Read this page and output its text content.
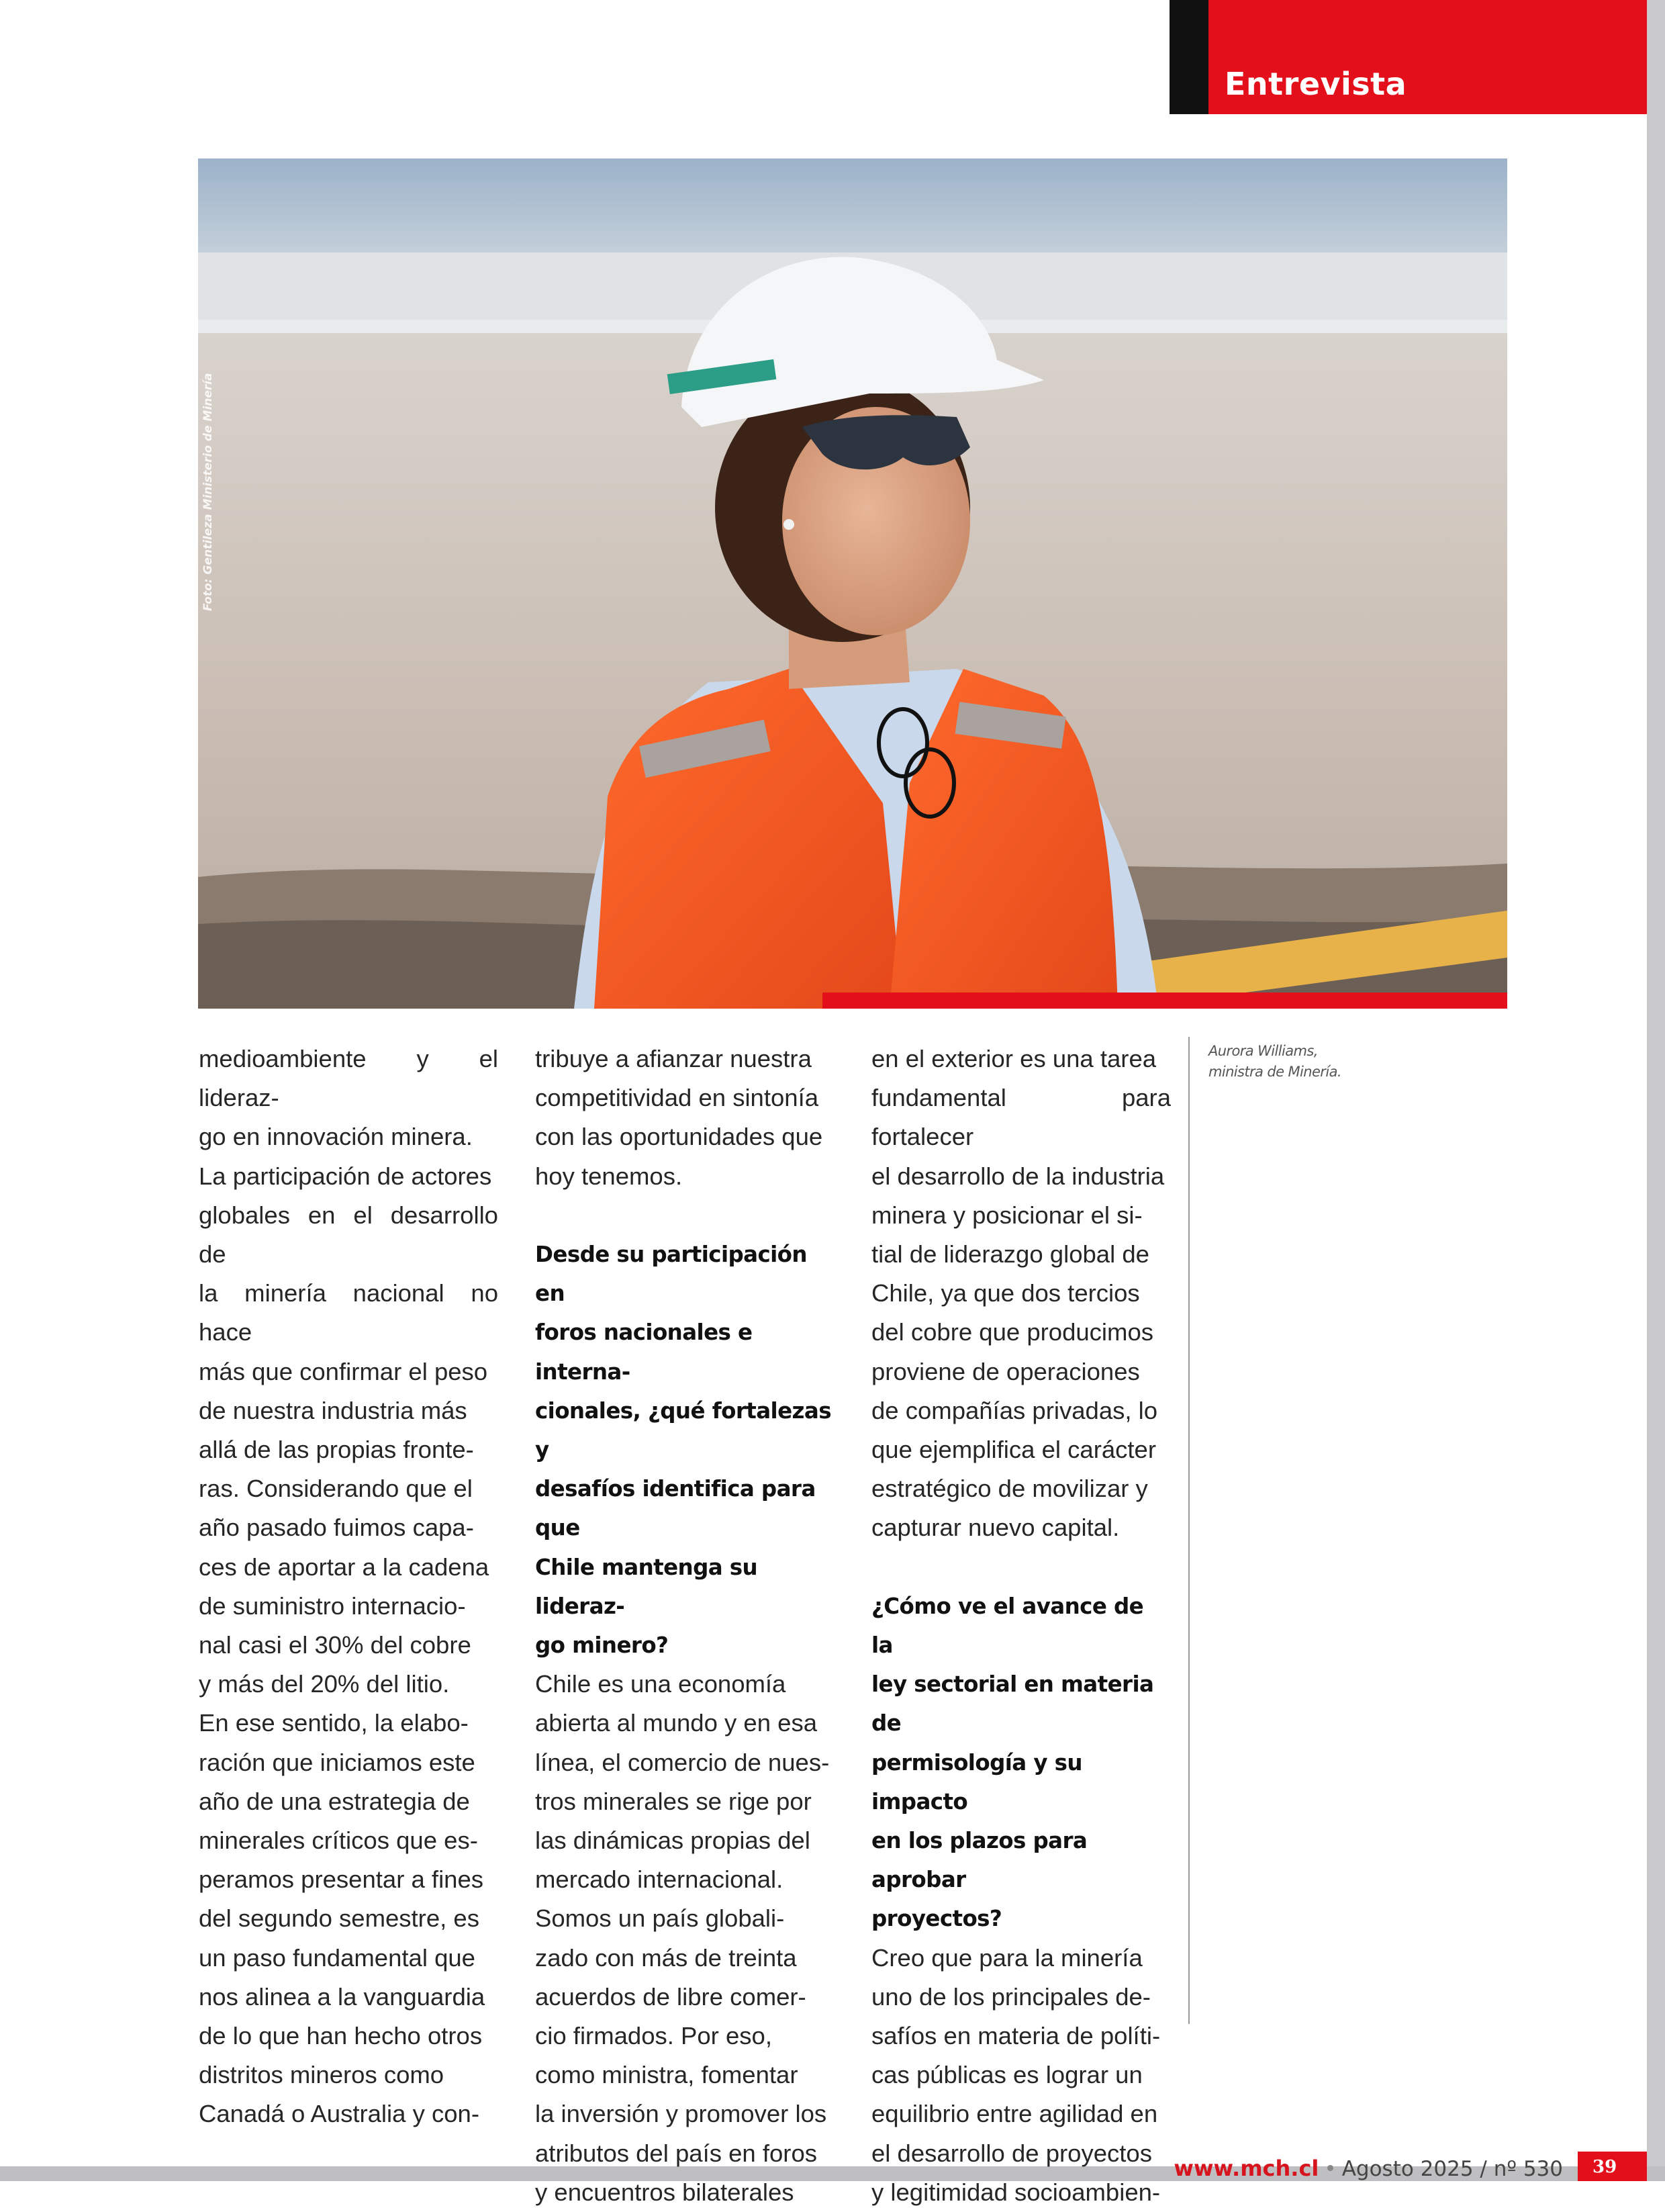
Entrevista
Foto: Gentileza Ministerio de Minería

medioambiente y el lideraz-

go en innovación minera.

La participación de actores

globales en el desarrollo de

la minería nacional no hace

más que confirmar el peso

de nuestra industria más

allá de las propias fronte-

ras. Considerando que el

año pasado fuimos capa-

ces de aportar a la cadena

de suministro internacio-

nal casi el 30% del cobre

y más del 20% del litio.

En ese sentido, la elabo-

ración que iniciamos este

año de una estrategia de

minerales críticos que es-

peramos presentar a fines

del segundo semestre, es

un paso fundamental que

nos alinea a la vanguardia

de lo que han hecho otros

distritos mineros como

Canadá o Australia y con-

tribuye a afianzar nuestra

competitividad en sintonía

con las oportunidades que

hoy tenemos.

Desde su participación en

foros nacionales e interna-

cionales, ¿qué fortalezas y

desafíos identifica para que

Chile mantenga su lideraz-

go minero?

Chile es una economía

abierta al mundo y en esa

línea, el comercio de nues-

tros minerales se rige por

las dinámicas propias del

mercado internacional.

Somos un país globali-

zado con más de treinta

acuerdos de libre comer-

cio firmados. Por eso,

como ministra, fomentar

la inversión y promover los

atributos del país en foros

y encuentros bilaterales

en el exterior es una tarea

fundamental para fortalecer

el desarrollo de la industria

minera y posicionar el si-

tial de liderazgo global de

Chile, ya que dos tercios

del cobre que producimos

proviene de operaciones

de compañías privadas, lo

que ejemplifica el carácter

estratégico de movilizar y

capturar nuevo capital.

¿Cómo ve el avance de la

ley sectorial en materia de

permisología y su impacto

en los plazos para aprobar

proyectos?

Creo que para la minería

uno de los principales de-

safíos en materia de políti-

cas públicas es lograr un

equilibrio entre agilidad en

el desarrollo de proyectos

y legitimidad socioambien-

Aurora Williams,
ministra de Minería.
www.mch.cl • Agosto 2025 / nº 530 39
